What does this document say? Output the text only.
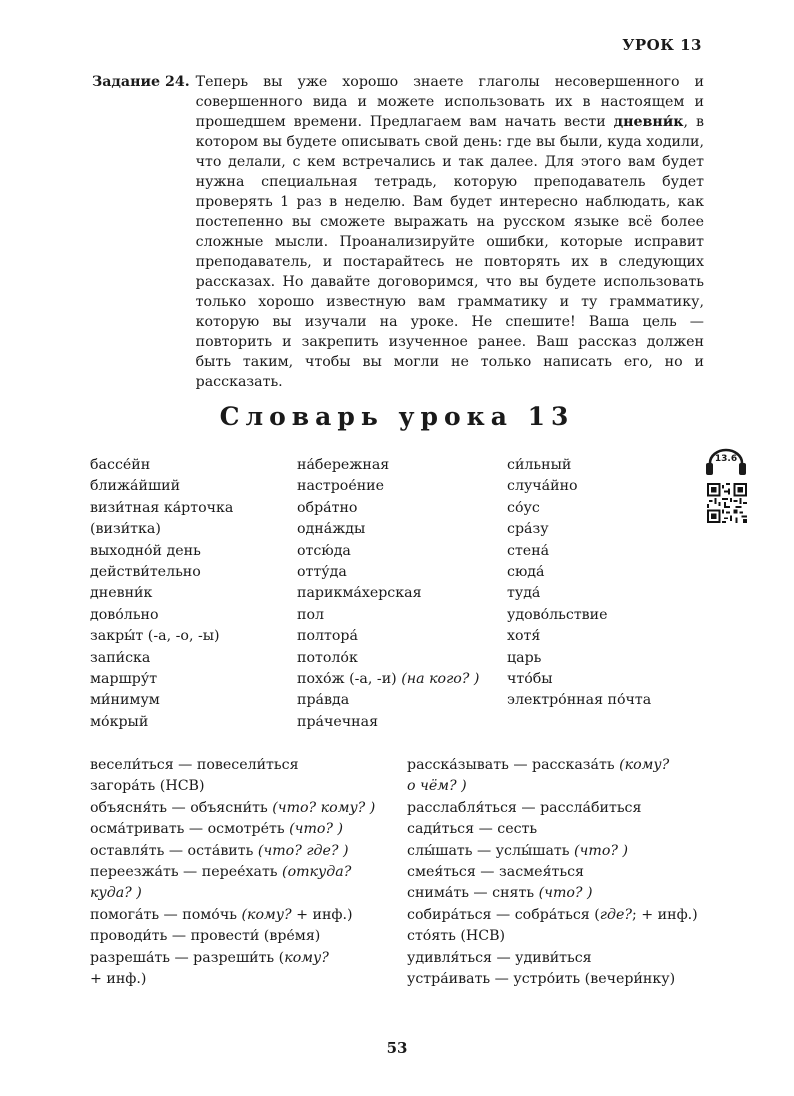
УРОК 13
Задание 24. Теперь вы уже хорошо знаете глаголы несовершенного и совершенного вида и можете использовать их в настоящем и прошедшем времени. Предлагаем вам начать вести дневни́к, в котором вы будете описывать свой день: где вы были, куда ходили, что делали, с кем встречались и так далее. Для этого вам будет нужна специальная тетрадь, которую преподаватель будет проверять 1 раз в неделю. Вам будет интересно наблюдать, как постепенно вы сможете выражать на русском языке всё более сложные мысли. Проанализируйте ошибки, которые исправит преподаватель, и постарайтесь не повторять их в следующих рассказах. Но давайте договоримся, что вы будете использовать только хорошо известную вам грамматику и ту грамматику, которую вы изучали на уроке. Не спешите! Ваша цель — повторить и закрепить изученное ранее. Ваш рассказ должен быть таким, чтобы вы могли не только написать его, но и рассказать.

Словарь урока 13
13.6
бассе́йн
ближа́йший
визи́тная ка́рточка
(визи́тка)
выходно́й день
действи́тельно
дневни́к
дово́льно
закры́т (-а, -о, -ы)
запи́ска
маршру́т
ми́нимум
мо́крый
на́бережная
настрое́ние
обра́тно
одна́жды
отсю́да
отту́да
парикма́херская
пол
полтора́
потоло́к
похо́ж (-а, -и) (на кого? )
пра́вда
пра́чечная
си́льный
случа́йно
со́ус
сра́зу
стена́
сюда́
туда́
удово́льствие
хотя́
царь
что́бы
электро́нная по́чта
весели́ться — повесели́ться
загора́ть (НСВ)
объясня́ть — объясни́ть (что? кому? )
осма́тривать — осмотре́ть (что? )
оставля́ть — оста́вить (что? где? )
переезжа́ть — перее́хать (откуда?
куда? )
помога́ть — помо́чь (кому? + инф.)
проводи́ть — провести́ (вре́мя)
разреша́ть — разреши́ть (кому?
+ инф.)
расска́зывать — рассказа́ть (кому?
о чём? )
расслабля́ться — рассла́биться
сади́ться — сесть
слы́шать — услы́шать (что? )
смея́ться — засмея́ться
снима́ть — снять (что? )
собира́ться — собра́ться (где?; + инф.)
сто́ять (НСВ)
удивля́ться — удиви́ться
устра́ивать — устро́ить (вечери́нку)
53
